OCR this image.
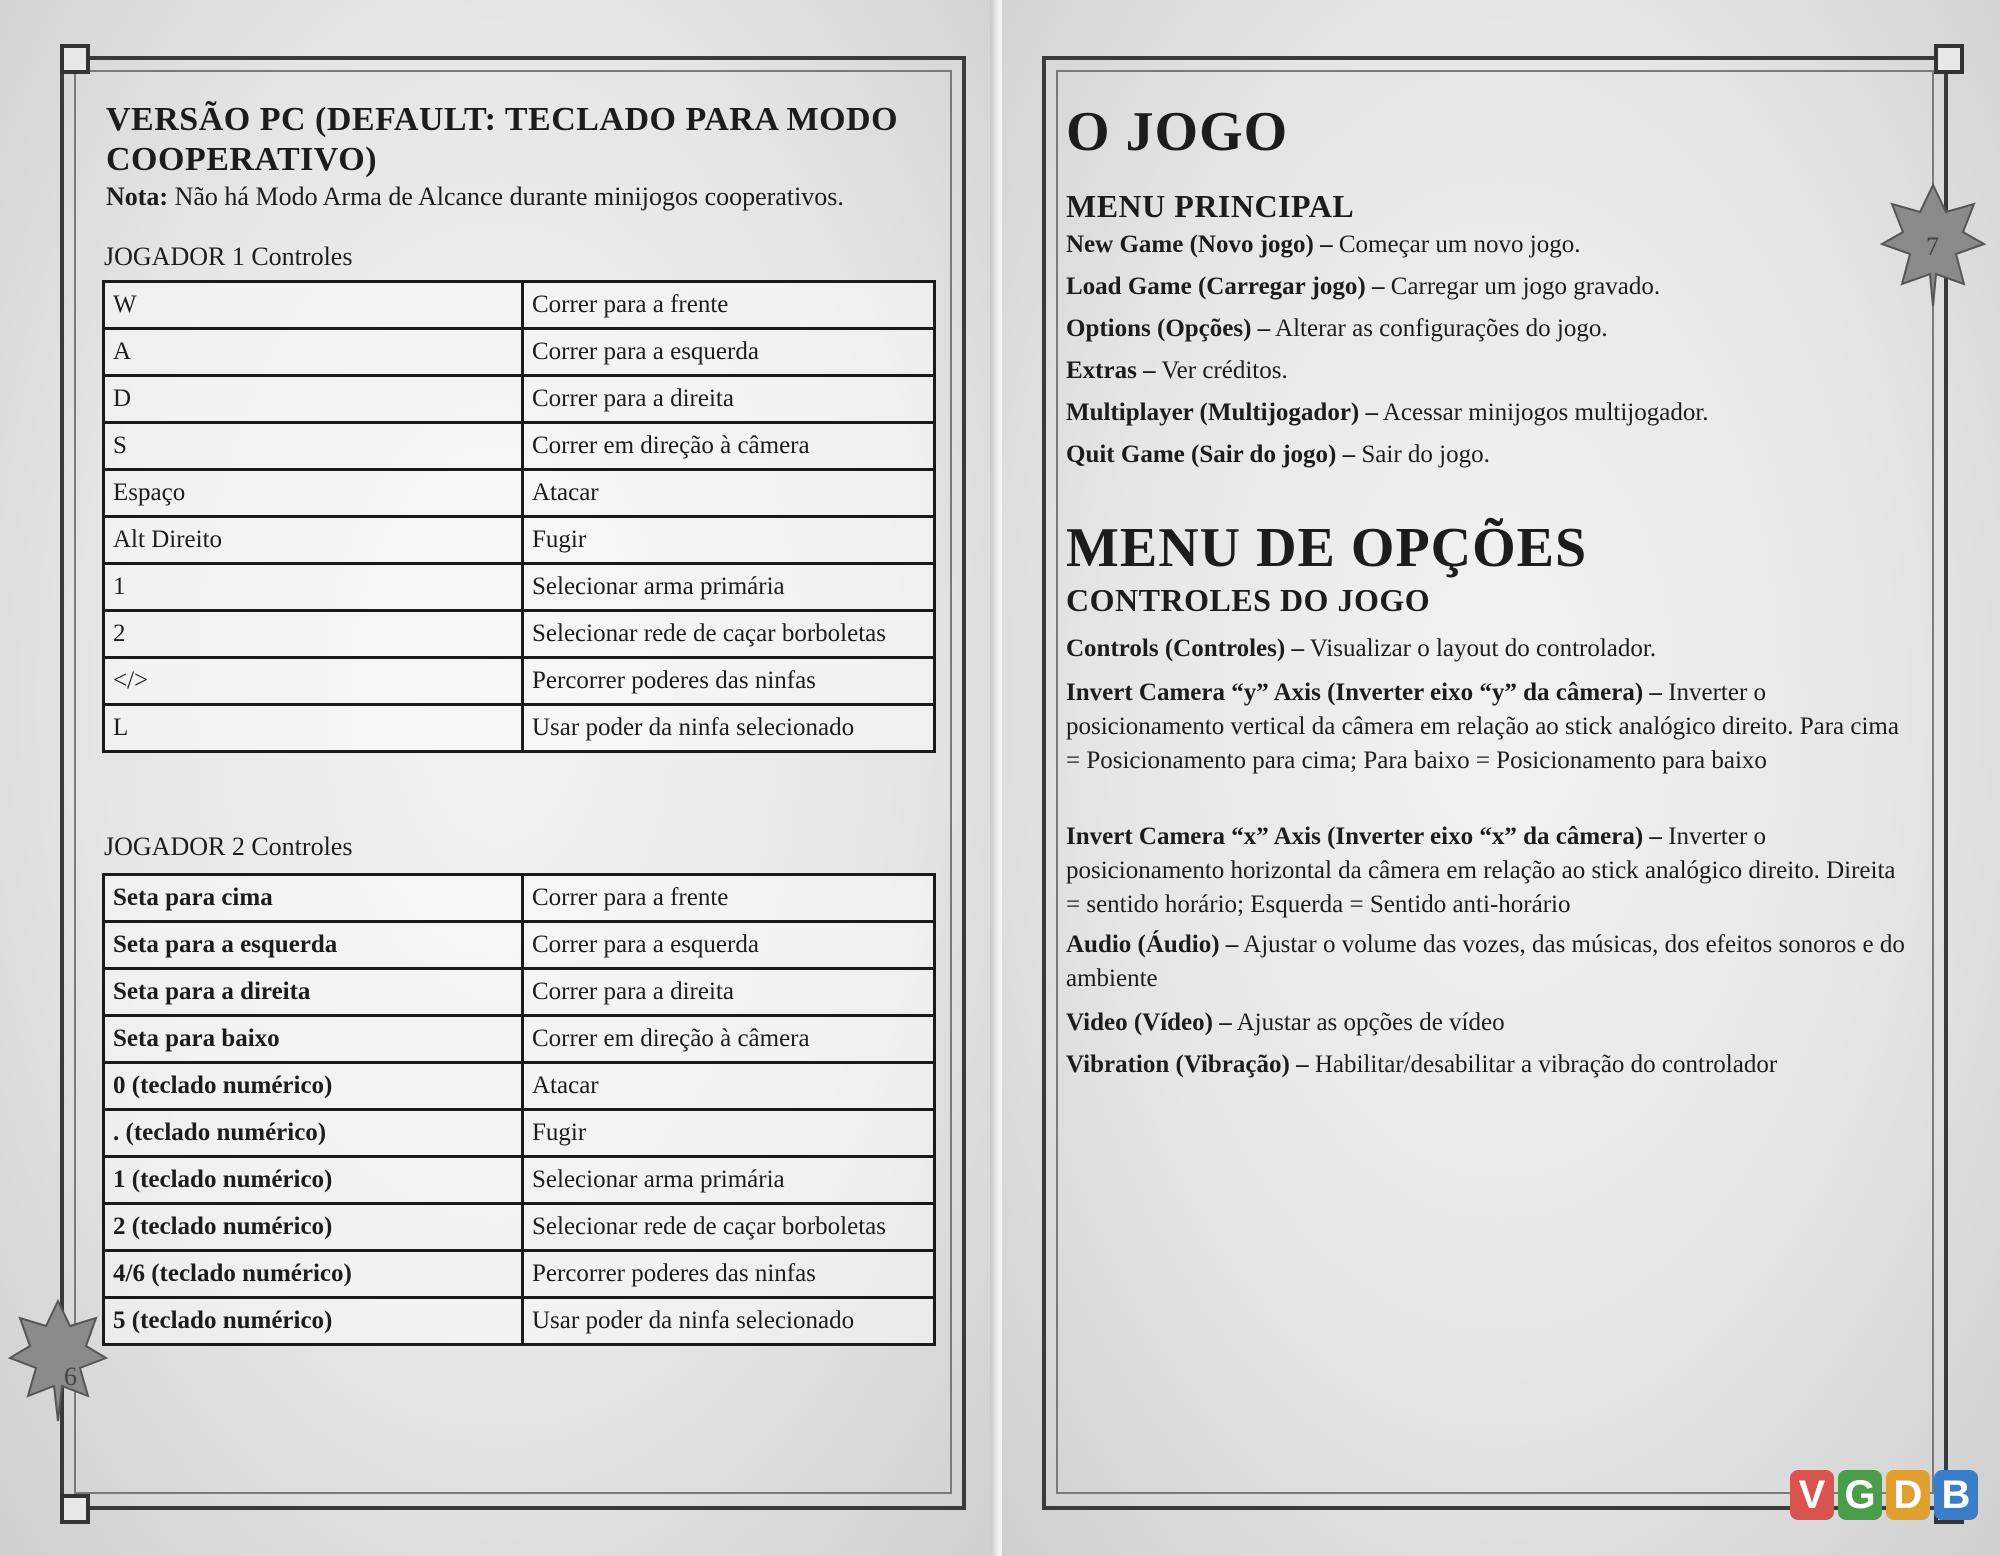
VERSÃO PC (DEFAULT: TECLADO PARA MODO COOPERATIVO)
Nota: Não há Modo Arma de Alcance durante minijogos cooperativos.
JOGADOR 1 Controles
W	Correr para a frente
A	Correr para a esquerda
D	Correr para a direita
S	Correr em direção à câmera
Espaço	Atacar
Alt Direito	Fugir
1	Selecionar arma primária
2	Selecionar rede de caçar borboletas
</>	Percorrer poderes das ninfas
L	Usar poder da ninfa selecionado
JOGADOR 2 Controles
Seta para cima	Correr para a frente
Seta para a esquerda	Correr para a esquerda
Seta para a direita	Correr para a direita
Seta para baixo	Correr em direção à câmera
0 (teclado numérico)	Atacar
. (teclado numérico)	Fugir
1 (teclado numérico)	Selecionar arma primária
2 (teclado numérico)	Selecionar rede de caçar borboletas
4/6 (teclado numérico)	Percorrer poderes das ninfas
5 (teclado numérico)	Usar poder da ninfa selecionado
6
O JOGO
MENU PRINCIPAL
New Game (Novo jogo) – Começar um novo jogo.
Load Game (Carregar jogo) – Carregar um jogo gravado.
Options (Opções) – Alterar as configurações do jogo.
Extras – Ver créditos.
Multiplayer (Multijogador) – Acessar minijogos multijogador.
Quit Game (Sair do jogo) – Sair do jogo.
MENU DE OPÇÕES
CONTROLES DO JOGO
Controls (Controles) – Visualizar o layout do controlador.
Invert Camera “y” Axis (Inverter eixo “y” da câmera) – Inverter o posicionamento vertical da câmera em relação ao stick analógico direito. Para cima = Posicionamento para cima; Para baixo = Posicionamento para baixo
Invert Camera “x” Axis (Inverter eixo “x” da câmera) – Inverter o posicionamento horizontal da câmera em relação ao stick analógico direito. Direita = sentido horário; Esquerda = Sentido anti-horário
Audio (Áudio) – Ajustar o volume das vozes, das músicas, dos efeitos sonoros e do ambiente
Video (Vídeo) – Ajustar as opções de vídeo
Vibration (Vibração) – Habilitar/desabilitar a vibração do controlador
7
V G D B
